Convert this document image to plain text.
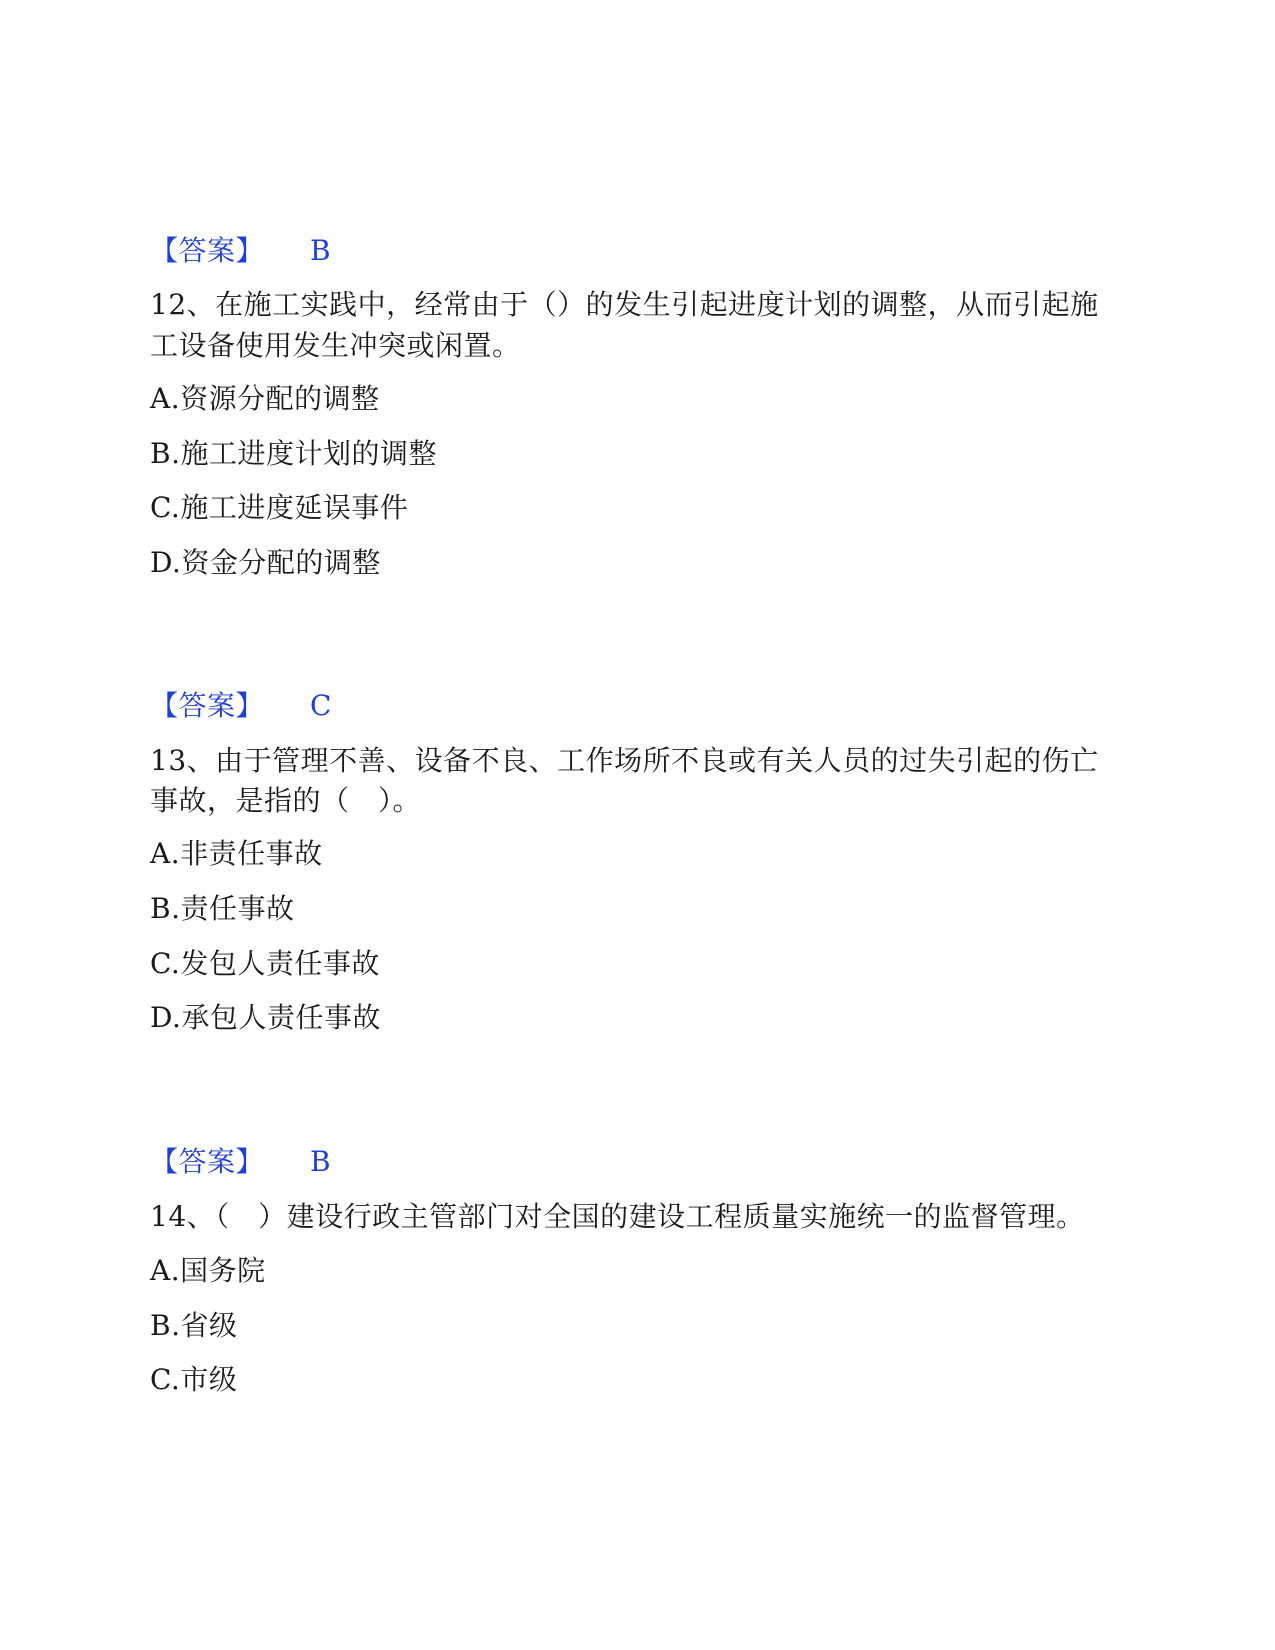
【答案】 B
12、在施工实践中，经常由于（）的发生引起进度计划的调整，从而引起施
工设备使用发生冲突或闲置。
A.资源分配的调整
B.施工进度计划的调整
C.施工进度延误事件
D.资金分配的调整
【答案】 C
13、由于管理不善、设备不良、工作场所不良或有关人员的过失引起的伤亡
事故，是指的（　）。
A.非责任事故
B.责任事故
C.发包人责任事故
D.承包人责任事故
【答案】 B
14、（　）建设行政主管部门对全国的建设工程质量实施统一的监督管理。
A.国务院
B.省级
C.市级
